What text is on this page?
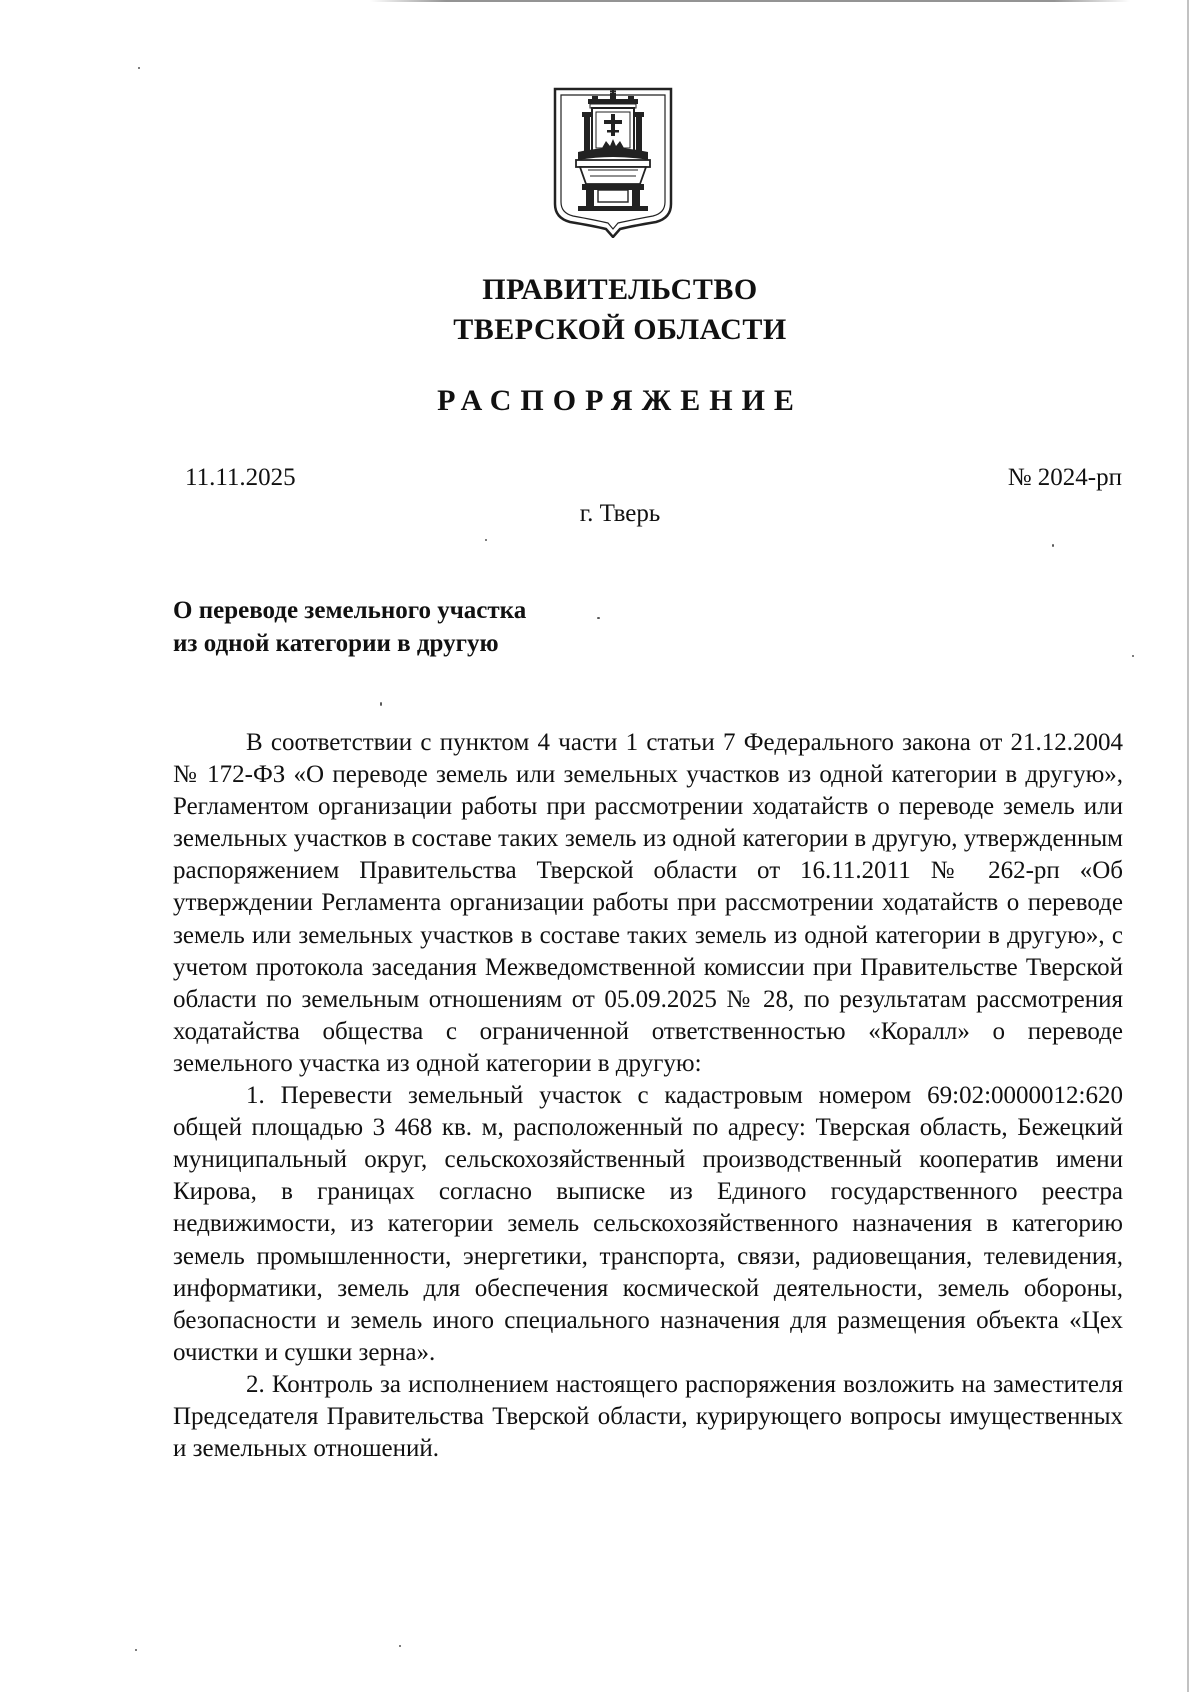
ПРАВИТЕЛЬСТВО
ТВЕРСКОЙ ОБЛАСТИ
РАСПОРЯЖЕНИЕ
11.11.2025	№ 2024-рп
г. Тверь
О переводе земельного участка
из одной категории в другую

В соответствии с пунктом 4 части 1 статьи 7 Федерального закона от 21.12.2004 № 172-ФЗ «О переводе земель или земельных участков из одной категории в другую», Регламентом организации работы при рассмотрении ходатайств о переводе земель или земельных участков в составе таких земель из одной категории в другую, утвержденным распоряжением Правительства Тверской области от 16.11.2011 № 262-рп «Об утверждении Регламента организации работы при рассмотрении ходатайств о переводе земель или земельных участков в составе таких земель из одной категории в другую», с учетом протокола заседания Межведомственной комиссии при Правительстве Тверской области по земельным отношениям от 05.09.2025 № 28, по результатам рассмотрения ходатайства общества с ограниченной ответственностью «Коралл» о переводе земельного участка из одной категории в другую:

1. Перевести земельный участок с кадастровым номером 69:02:0000012:620 общей площадью 3 468 кв. м, расположенный по адресу: Тверская область, Бежецкий муниципальный округ, сельскохозяйственный производственный кооператив имени Кирова, в границах согласно выписке из Единого государственного реестра недвижимости, из категории земель сельскохозяйственного назначения в категорию земель промышленности, энергетики, транспорта, связи, радиовещания, телевидения, информатики, земель для обеспечения космической деятельности, земель обороны, безопасности и земель иного специального назначения для размещения объекта «Цех очистки и сушки зерна».

2. Контроль за исполнением настоящего распоряжения возложить на заместителя Председателя Правительства Тверской области, курирующего вопросы имущественных и земельных отношений.
